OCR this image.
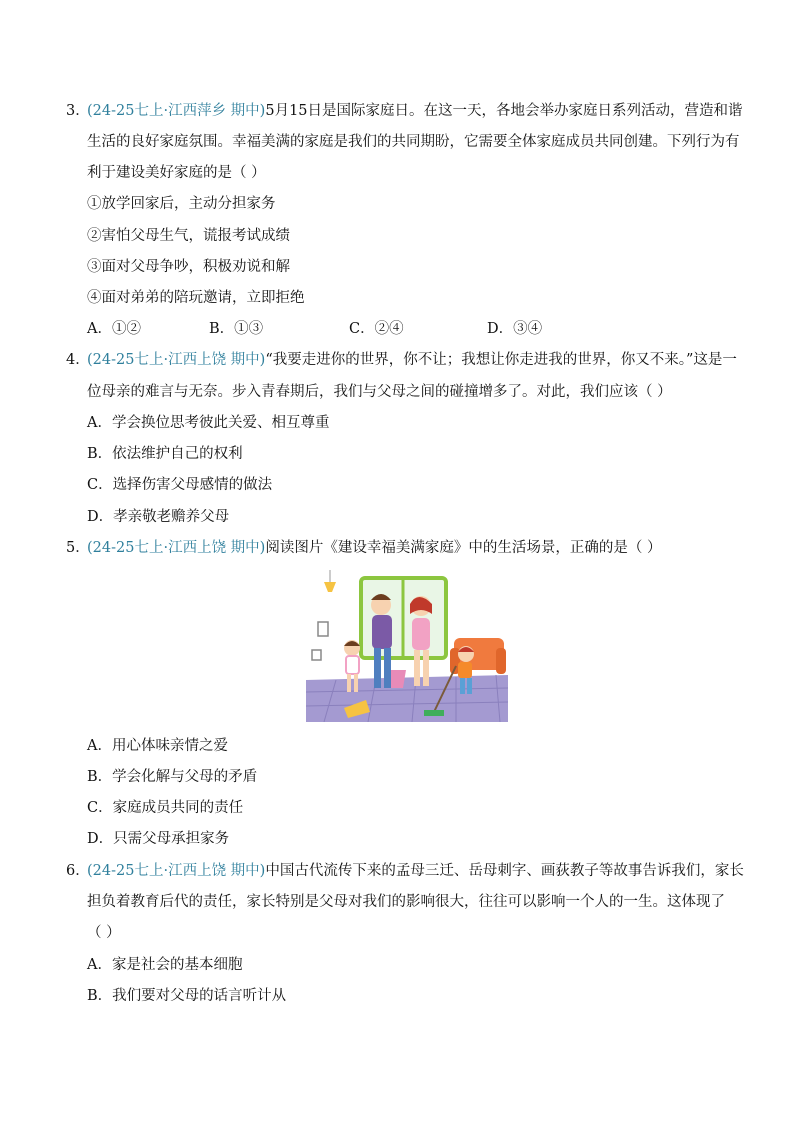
3．
(24-25七上·江西萍乡 期中)5月15日是国际家庭日。在这一天，各地会举办家庭日系列活动，营造和谐
生活的良好家庭氛围。幸福美满的家庭是我们的共同期盼，它需要全体家庭成员共同创建。下列行为有
利于建设美好家庭的是（ ）
①放学回家后，主动分担家务
②害怕父母生气，谎报考试成绩
③面对父母争吵，积极劝说和解
④面对弟弟的陪玩邀请，立即拒绝
A．①②	B．①③	C．②④	D．③④
4．
(24-25七上·江西上饶 期中)“我要走进你的世界，你不让；我想让你走进我的世界，你又不来。”这是一
位母亲的难言与无奈。步入青春期后，我们与父母之间的碰撞增多了。对此，我们应该（ ）
A．学会换位思考彼此关爱、相互尊重
B．依法维护自己的权利
C．选择伤害父母感情的做法
D．孝亲敬老赡养父母
5．
(24-25七上·江西上饶 期中)阅读图片《建设幸福美满家庭》中的生活场景，正确的是（ ）
A．用心体味亲情之爱
B．学会化解与父母的矛盾
C．家庭成员共同的责任
D．只需父母承担家务
6．
(24-25七上·江西上饶 期中)中国古代流传下来的孟母三迁、岳母刺字、画荻教子等故事告诉我们，家长
担负着教育后代的责任，家长特别是父母对我们的影响很大，往往可以影响一个人的一生。这体现了
（ ）
A．家是社会的基本细胞
B．我们要对父母的话言听计从
